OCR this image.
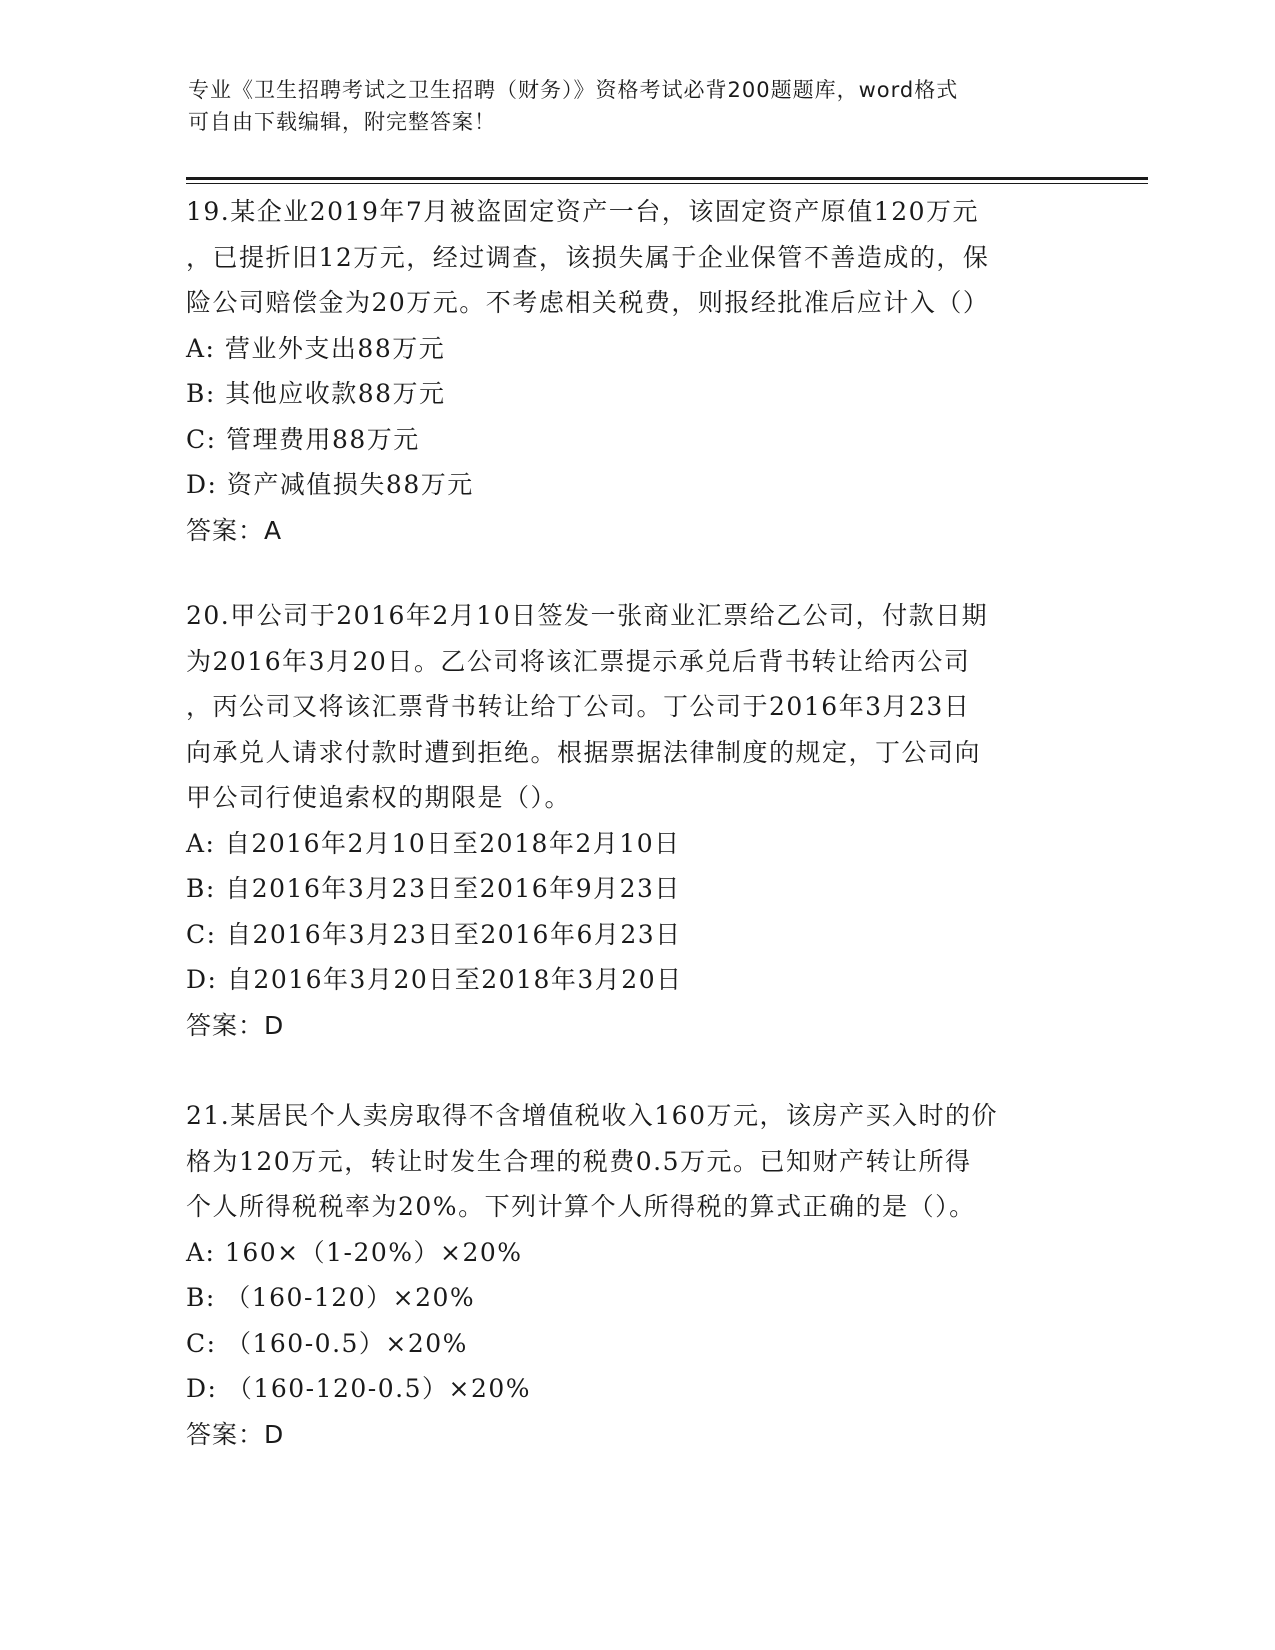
专业《卫生招聘考试之卫生招聘（财务）》资格考试必背200题题库，word格式
可自由下载编辑，附完整答案！
19.某企业2019年7月被盗固定资产一台，该固定资产原值120万元
，已提折旧12万元，经过调查，该损失属于企业保管不善造成的，保
险公司赔偿金为20万元。不考虑相关税费，则报经批准后应计入（）
A: 营业外支出88万元
B: 其他应收款88万元
C: 管理费用88万元
D: 资产减值损失88万元
答案：A
20.甲公司于2016年2月10日签发一张商业汇票给乙公司，付款日期
为2016年3月20日。乙公司将该汇票提示承兑后背书转让给丙公司
，丙公司又将该汇票背书转让给丁公司。丁公司于2016年3月23日
向承兑人请求付款时遭到拒绝。根据票据法律制度的规定，丁公司向
甲公司行使追索权的期限是（）。
A: 自2016年2月10日至2018年2月10日
B: 自2016年3月23日至2016年9月23日
C: 自2016年3月23日至2016年6月23日
D: 自2016年3月20日至2018年3月20日
答案：D
21.某居民个人卖房取得不含增值税收入160万元，该房产买入时的价
格为120万元，转让时发生合理的税费0.5万元。已知财产转让所得
个人所得税税率为20%。下列计算个人所得税的算式正确的是（）。
A: 160×（1-20%）×20%
B: （160-120）×20%
C: （160-0.5）×20%
D: （160-120-0.5）×20%
答案：D
